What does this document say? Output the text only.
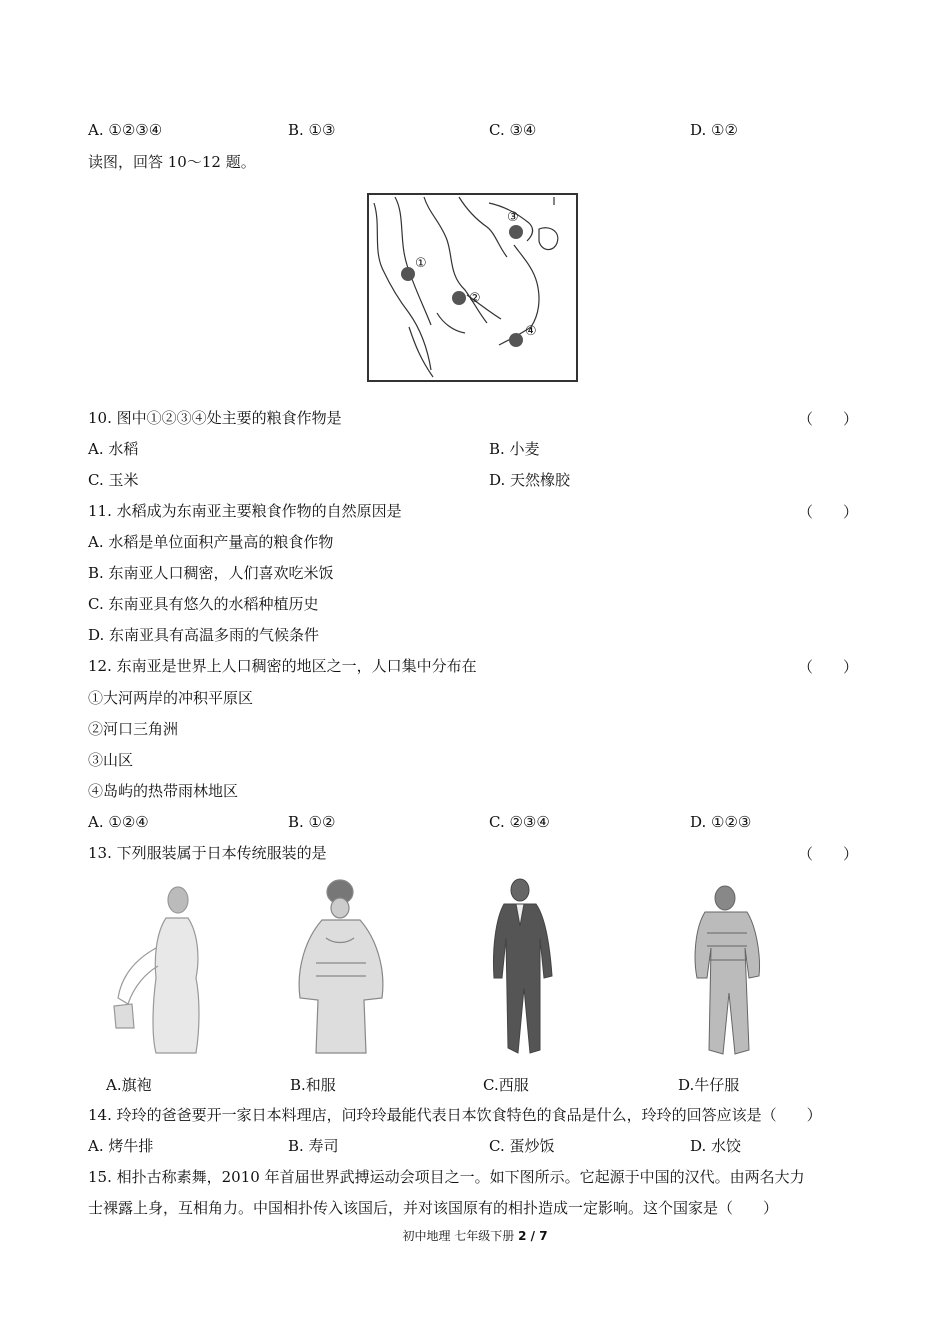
A. ①②③④	B. ①③	C. ③④	D. ①②
读图，回答 10～12 题。
①
②
③
④
10. 图中①②③④处主要的粮食作物是	（　　）
A. 水稻	B. 小麦
C. 玉米	D. 天然橡胶
11. 水稻成为东南亚主要粮食作物的自然原因是	（　　）
A. 水稻是单位面积产量高的粮食作物
B. 东南亚人口稠密，人们喜欢吃米饭
C. 东南亚具有悠久的水稻种植历史
D. 东南亚具有高温多雨的气候条件
12. 东南亚是世界上人口稠密的地区之一，人口集中分布在	（　　）
①大河两岸的冲积平原区
②河口三角洲
③山区
④岛屿的热带雨林地区
A. ①②④	B. ①②	C. ②③④	D. ①②③
13. 下列服装属于日本传统服装的是	（　　）
A.旗袍	B.和服	C.西服	D.牛仔服
14. 玲玲的爸爸要开一家日本料理店，问玲玲最能代表日本饮食特色的食品是什么，玲玲的回答应该是（　　）
A. 烤牛排	B. 寿司	C. 蛋炒饭	D. 水饺
15. 相扑古称素舞，2010 年首届世界武搏运动会项目之一。如下图所示。它起源于中国的汉代。由两名大力
士裸露上身，互相角力。中国相扑传入该国后，并对该国原有的相扑造成一定影响。这个国家是（　　）
初中地理 七年级下册 2 / 7
